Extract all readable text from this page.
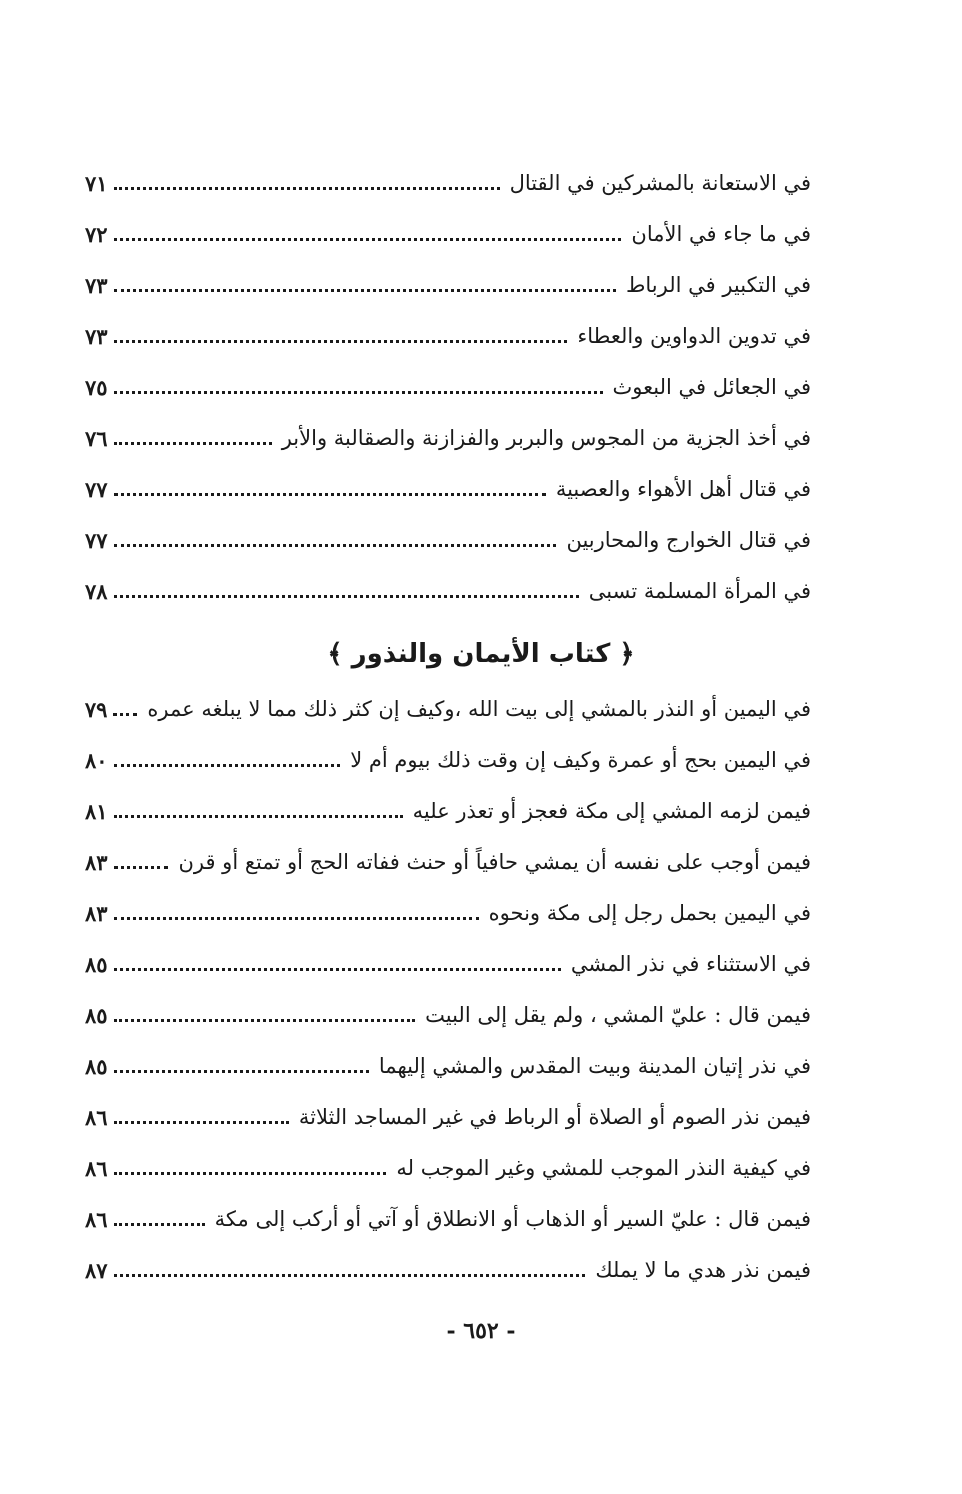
في الاستعانة بالمشركين في القتال
٧١
في ما جاء في الأمان
٧٢
في التكبير في الرباط
٧٣
في تدوين الدواوين والعطاء
٧٣
في الجعائل في البعوث
٧٥
في أخذ الجزية من المجوس والبربر والفزازنة والصقالبة والأبر
٧٦
في قتال أهل الأهواء والعصبية
٧٧
في قتال الخوارج والمحاربين
٧٧
في المرأة المسلمة تسبى
٧٨
﴿ كتاب الأيمان والنذور ﴾
في اليمين أو النذر بالمشي إلى بيت الله ،وكيف إن كثر ذلك مما لا يبلغه عمره
٧٩
في اليمين بحج أو عمرة وكيف إن وقت ذلك بيوم أم لا
٨٠
فيمن لزمه المشي إلى مكة فعجز أو تعذر عليه
٨١
فيمن أوجب على نفسه أن يمشي حافياً أو حنث ففاته الحج أو تمتع أو قرن
٨٣
في اليمين بحمل رجل إلى مكة ونحوه
٨٣
في الاستثناء في نذر المشي
٨٥
فيمن قال : عليّ المشي ، ولم يقل إلى البيت
٨٥
في نذر إتيان المدينة وبيت المقدس والمشي إليهما
٨٥
فيمن نذر الصوم أو الصلاة أو الرباط في غير المساجد الثلاثة
٨٦
في كيفية النذر الموجب للمشي وغير الموجب له
٨٦
فيمن قال : عليّ السير أو الذهاب أو الانطلاق أو آتي أو أركب إلى مكة
٨٦
فيمن نذر هدي ما لا يملك
٨٧
- ٦٥٢ -
